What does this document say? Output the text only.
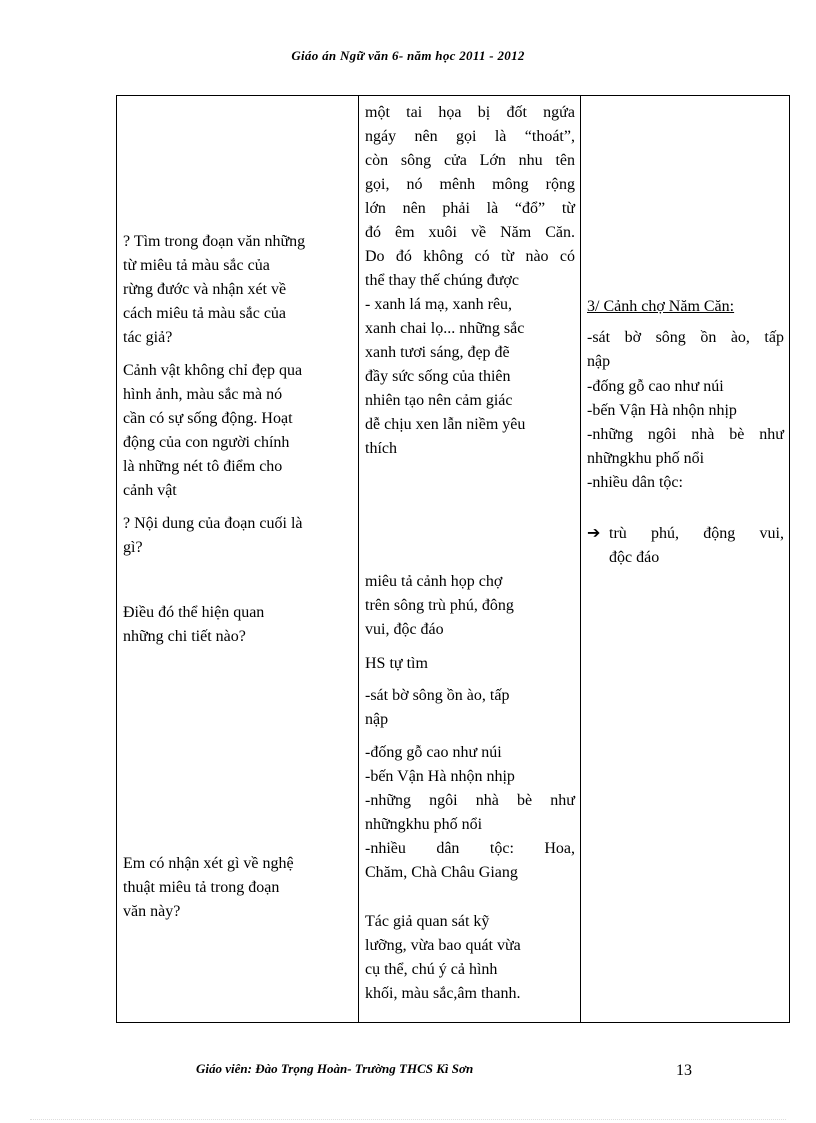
Giáo án Ngữ văn 6- năm học 2011 - 2012
? Tìm trong đoạn văn những
từ miêu tả màu sắc của
rừng đước và nhận xét về
cách miêu tả màu sắc của
tác giả?
Cảnh vật không chỉ đẹp qua
hình ảnh, màu sắc mà nó
cần có sự sống động. Hoạt
động của con người chính
là những nét tô điểm cho
cảnh vật
? Nội dung của đoạn cuối là
gì?
Điều đó thể hiện quan
những chi tiết nào?
Em có nhận xét gì về nghệ
thuật miêu tả trong đoạn
văn này?
một tai họa bị đốt ngứa
ngáy nên gọi là “thoát”,
còn sông cửa Lớn nhu tên
gọi, nó mênh mông rộng
lớn nên phải là “đổ” từ
đó êm xuôi về Năm Căn.
Do đó không có từ nào có
thể thay thế chúng được
- xanh lá mạ, xanh rêu,
xanh chai lọ... những sắc
xanh tươi sáng, đẹp đẽ
đầy sức sống của thiên
nhiên tạo nên cảm giác
dễ chịu xen lẫn niềm yêu
thích
miêu tả cảnh họp chợ
trên sông trù phú, đông
vui, độc đáo
HS tự tìm
-sát bờ sông ồn ào, tấp
nập
-đống gỗ cao như núi
-bến Vận Hà nhộn nhịp
-những ngôi nhà bè như
nhữngkhu phố nổi
-nhiều dân tộc: Hoa,
Chăm, Chà Châu Giang
Tác giả quan sát kỹ
lưỡng, vừa bao quát vừa
cụ thể, chú ý cả hình
khối, màu sắc,âm thanh.
3/ Cảnh chợ Năm Căn:
-sát bờ sông ồn ào, tấp
nập
-đống gỗ cao như núi
-bến Vận Hà nhộn nhịp
-những ngôi nhà bè như
nhữngkhu phố nổi
-nhiều dân tộc:
➔ trù phú, động vui,
độc đáo
Giáo viên: Đào Trọng Hoàn- Trường THCS Kì Sơn	13
